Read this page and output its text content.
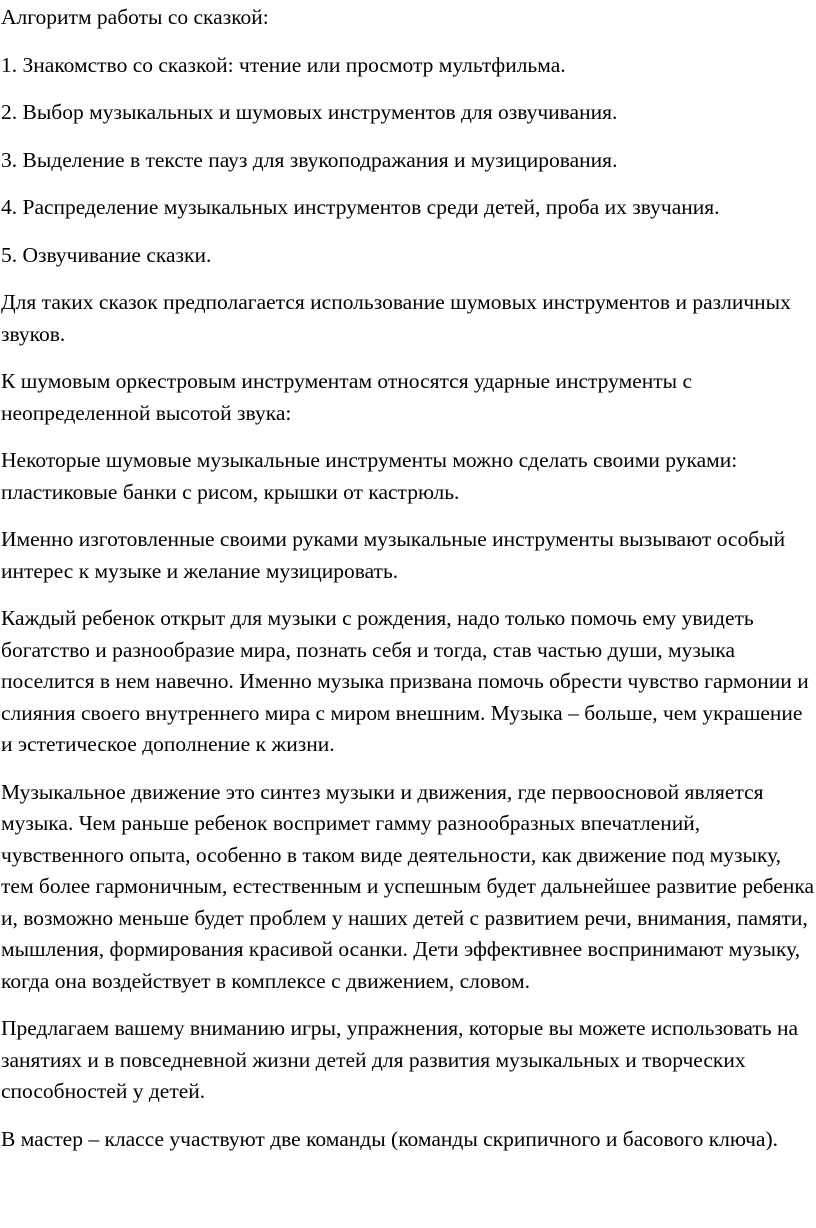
Алгоритм работы со сказкой:

1. Знакомство со сказкой: чтение или просмотр мультфильма.

2. Выбор музыкальных и шумовых инструментов для озвучивания.

3. Выделение в тексте пауз для звукоподражания и музицирования.

4. Распределение музыкальных инструментов среди детей, проба их звучания.

5. Озвучивание сказки.

Для таких сказок предполагается использование шумовых инструментов и различных звуков.

К шумовым оркестровым инструментам относятся ударные инструменты с неопределенной высотой звука:

Некоторые шумовые музыкальные инструменты можно сделать своими руками: пластиковые банки с рисом, крышки от кастрюль.

Именно изготовленные своими руками музыкальные инструменты вызывают особый интерес к музыке и желание музицировать.

Каждый ребенок открыт для музыки с рождения, надо только помочь ему увидеть богатство и разнообразие мира, познать себя и тогда, став частью души, музыка поселится в нем навечно. Именно музыка призвана помочь обрести чувство гармонии и слияния своего внутреннего мира с миром внешним. Музыка – больше, чем украшение и эстетическое дополнение к жизни.

Музыкальное движение это синтез музыки и движения, где первоосновой является музыка. Чем раньше ребенок воспримет гамму разнообразных впечатлений, чувственного опыта, особенно в таком виде деятельности, как движение под музыку, тем более гармоничным, естественным и успешным будет дальнейшее развитие ребенка и, возможно меньше будет проблем у наших детей с развитием речи, внимания, памяти, мышления, формирования красивой осанки. Дети эффективнее воспринимают музыку, когда она воздействует в комплексе с движением, словом.

Предлагаем вашему вниманию игры, упражнения, которые вы можете использовать на занятиях и в повседневной жизни детей для развития музыкальных и творческих способностей у детей.

В мастер – классе участвуют две команды (команды скрипичного и басового ключа).
